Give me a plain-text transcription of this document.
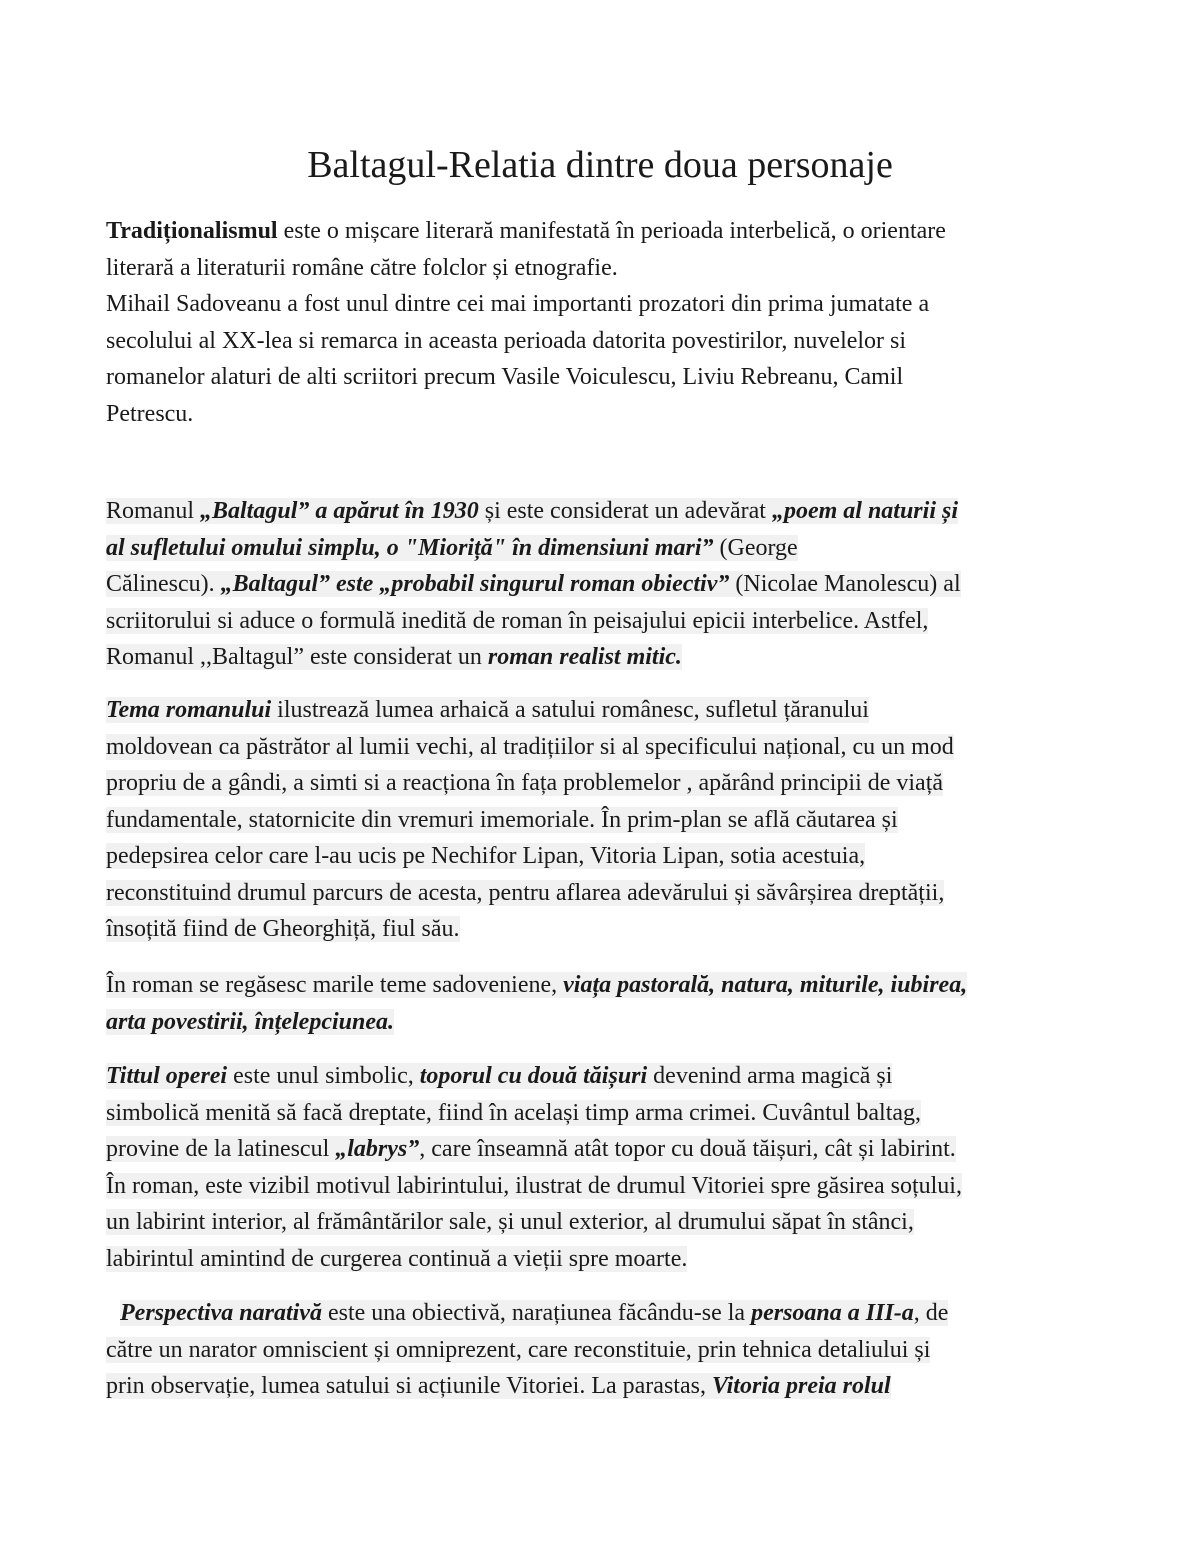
Baltagul-Relatia dintre doua personaje
Tradiționalismul este o mișcare literară manifestată în perioada interbelică, o orientare
literară a literaturii române către folclor și etnografie.
Mihail Sadoveanu a fost unul dintre cei mai importanti prozatori din prima jumatate a
secolului al XX-lea si remarca in aceasta perioada datorita povestirilor, nuvelelor si
romanelor alaturi de alti scriitori precum Vasile Voiculescu, Liviu Rebreanu, Camil
Petrescu.
Romanul „Baltagul” a apărut în 1930 și este considerat un adevărat „poem al naturii și
al sufletului omului simplu, o "Mioriță" în dimensiuni mari” (George
Călinescu). „Baltagul” este „probabil singurul roman obiectiv” (Nicolae Manolescu) al
scriitorului si aduce o formulă inedită de roman în peisajului epicii interbelice. Astfel,
Romanul ,,Baltagul” este considerat un roman realist mitic.
Tema romanului ilustrează lumea arhaică a satului românesc, sufletul țăranului
moldovean ca păstrător al lumii vechi, al tradițiilor si al specificului național, cu un mod
propriu de a gândi, a simti si a reacționa în fața problemelor , apărând principii de viață
fundamentale, statornicite din vremuri imemoriale. În prim-plan se află căutarea și
pedepsirea celor care l-au ucis pe Nechifor Lipan, Vitoria Lipan, sotia acestuia,
reconstituind drumul parcurs de acesta, pentru aflarea adevărului și săvârșirea dreptății,
însoțită fiind de Gheorghiță, fiul său.
În roman se regăsesc marile teme sadoveniene, viața pastorală, natura, miturile, iubirea,
arta povestirii, înțelepciunea.
Tittul operei este unul simbolic, toporul cu două tăișuri devenind arma magică și
simbolică menită să facă dreptate, fiind în același timp arma crimei. Cuvântul baltag,
provine de la latinescul „labrys”, care înseamnă atât topor cu două tăișuri, cât și labirint.
În roman, este vizibil motivul labirintului, ilustrat de drumul Vitoriei spre găsirea soțului,
un labirint interior, al frământărilor sale, și unul exterior, al drumului săpat în stânci,
labirintul amintind de curgerea continuă a vieții spre moarte.
Perspectiva narativă este una obiectivă, narațiunea făcându-se la persoana a III-a, de
către un narator omniscient și omniprezent, care reconstituie, prin tehnica detaliului și
prin observație, lumea satului si acțiunile Vitoriei. La parastas, Vitoria preia rolul
